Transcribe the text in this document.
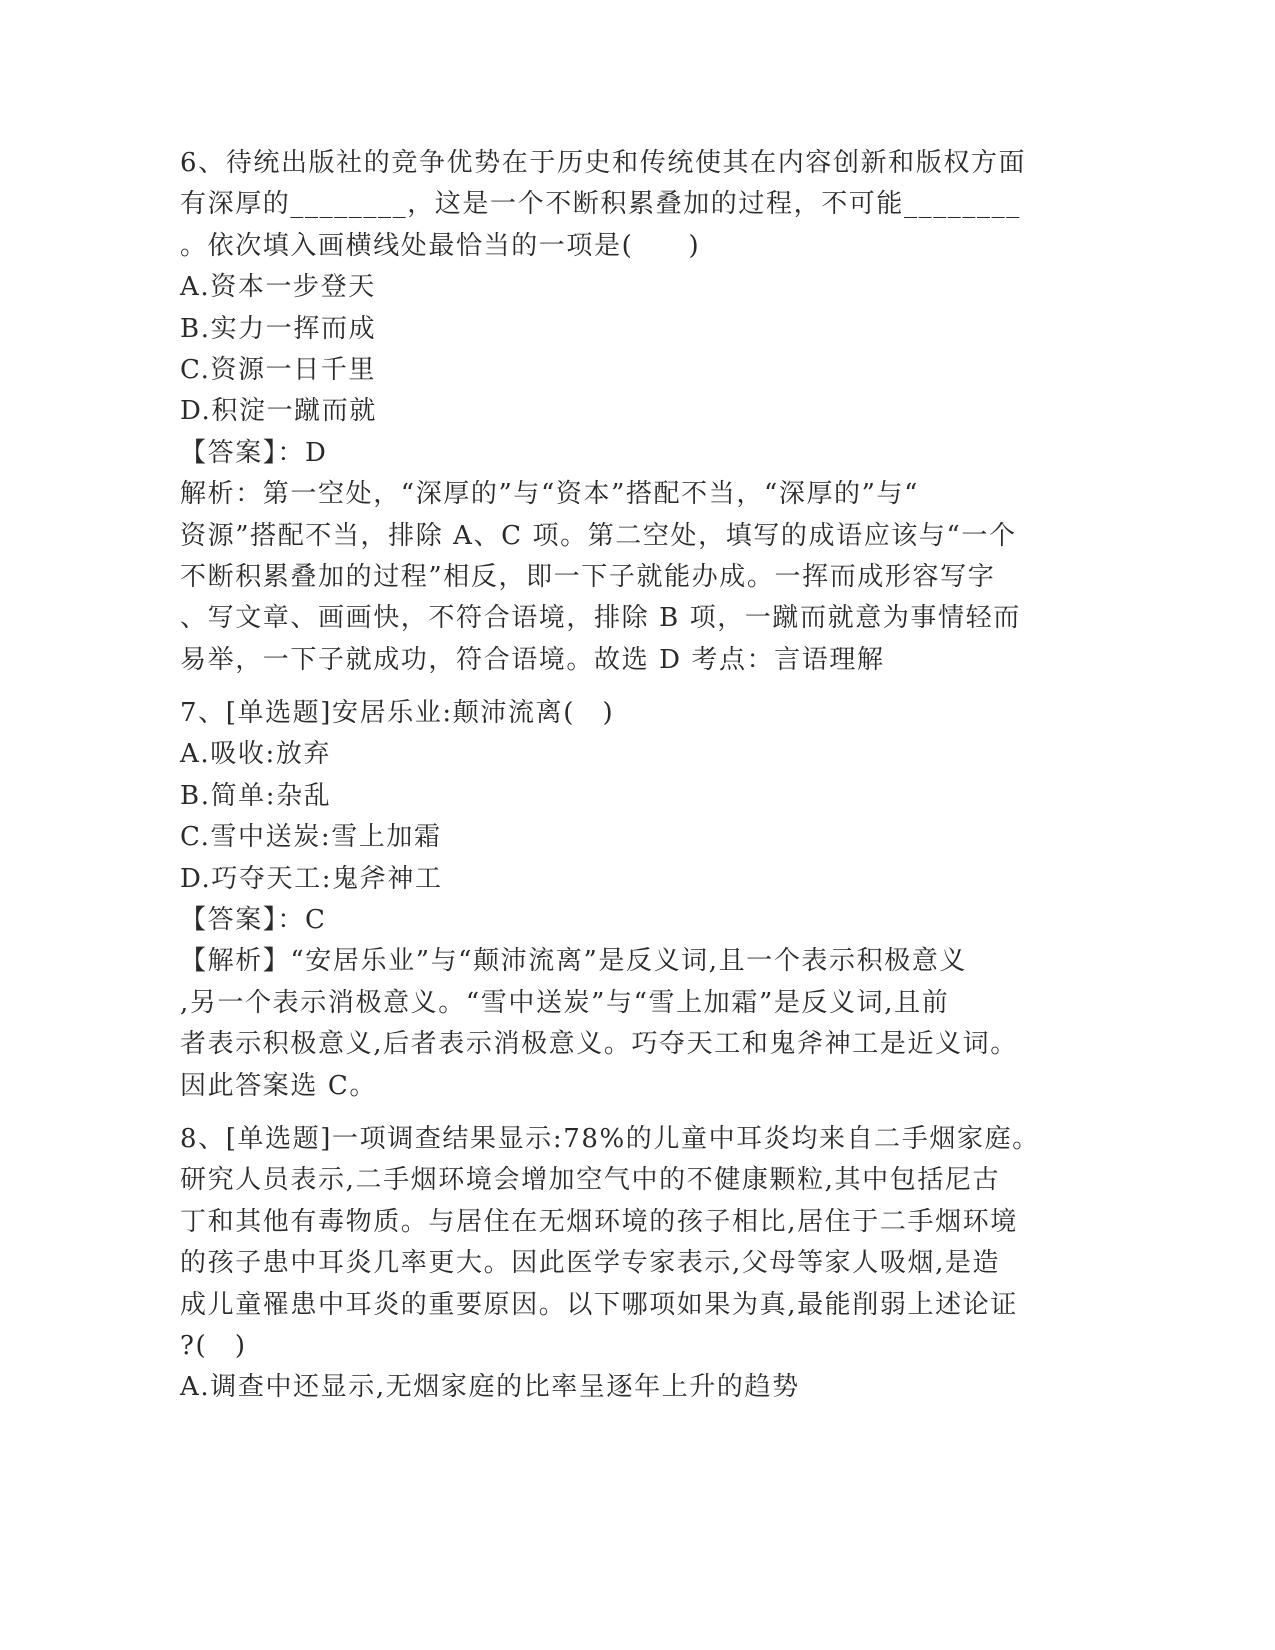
6、待统出版社的竞争优势在于历史和传统使其在内容创新和版权方面
有深厚的________，这是一个不断积累叠加的过程，不可能________
。依次填入画横线处最恰当的一项是(　　)
A.资本一步登天
B.实力一挥而成
C.资源一日千里
D.积淀一蹴而就
【答案】：D
解析：第一空处，“深厚的”与“资本”搭配不当，“深厚的”与“
资源”搭配不当，排除 A、C 项。第二空处，填写的成语应该与“一个
不断积累叠加的过程”相反，即一下子就能办成。一挥而成形容写字
、写文章、画画快，不符合语境，排除 B 项，一蹴而就意为事情轻而
易举，一下子就成功，符合语境。故选 D 考点：言语理解
7、[单选题]安居乐业:颠沛流离(　)
A.吸收:放弃
B.简单:杂乱
C.雪中送炭:雪上加霜
D.巧夺天工:鬼斧神工
【答案】：C
【解析】“安居乐业”与“颠沛流离”是反义词,且一个表示积极意义
,另一个表示消极意义。“雪中送炭”与“雪上加霜”是反义词,且前
者表示积极意义,后者表示消极意义。巧夺天工和鬼斧神工是近义词。
因此答案选 C。
8、[单选题]一项调查结果显示:78%的儿童中耳炎均来自二手烟家庭。
研究人员表示,二手烟环境会增加空气中的不健康颗粒,其中包括尼古
丁和其他有毒物质。与居住在无烟环境的孩子相比,居住于二手烟环境
的孩子患中耳炎几率更大。因此医学专家表示,父母等家人吸烟,是造
成儿童罹患中耳炎的重要原因。以下哪项如果为真,最能削弱上述论证
?(　)
A.调查中还显示,无烟家庭的比率呈逐年上升的趋势
